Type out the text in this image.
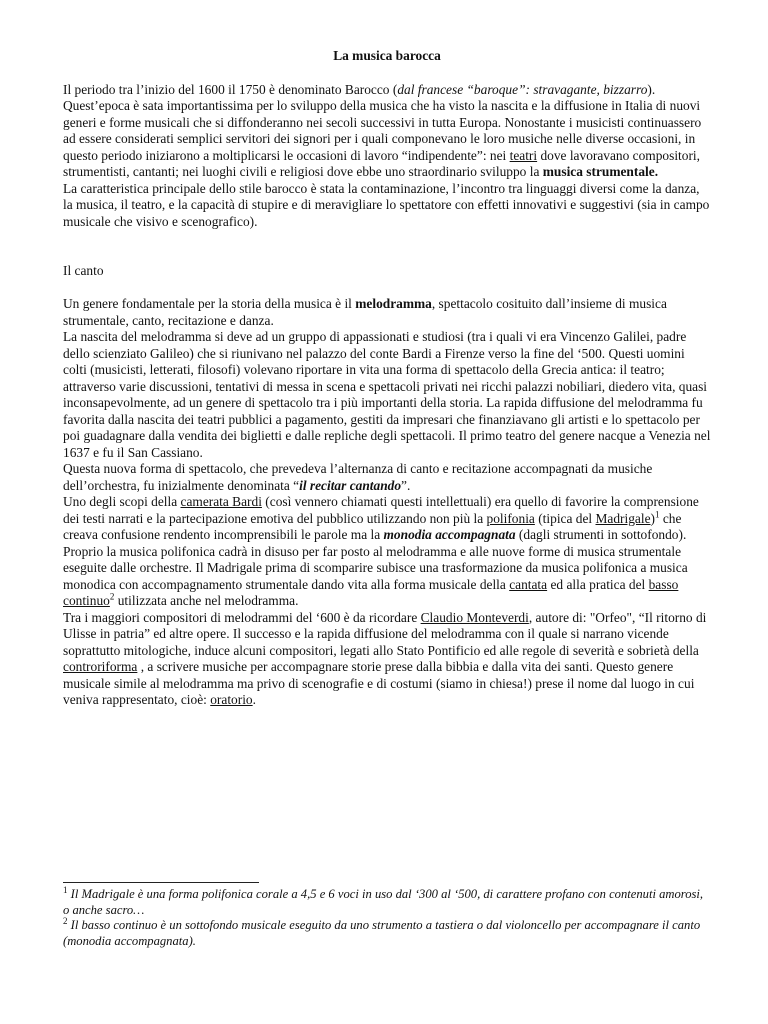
La musica barocca

Il periodo tra l’inizio del 1600 il 1750 è denominato Barocco (dal francese “baroque”: stravagante, bizzarro). Quest’epoca è sata importantissima per lo sviluppo della musica che ha visto la nascita e la diffusione in Italia di nuovi generi e forme musicali che si diffonderanno nei secoli successivi in tutta Europa. Nonostante i musicisti continuassero ad essere considerati semplici servitori dei signori per i quali componevano le loro musiche nelle diverse occasioni, in questo periodo iniziarono a moltiplicarsi le occasioni di lavoro “indipendente”: nei teatri dove lavoravano compositori, strumentisti, cantanti; nei luoghi civili e religiosi dove ebbe uno straordinario sviluppo la musica strumentale.

La caratteristica principale dello stile barocco è stata la contaminazione, l’incontro tra linguaggi diversi come la danza, la musica, il teatro, e la capacità di stupire e di meravigliare lo spettatore con effetti innovativi e suggestivi (sia in campo musicale che visivo e scenografico).

Il canto

Un genere fondamentale per la storia della musica è il melodramma, spettacolo cosituito dall’insieme di musica strumentale, canto, recitazione e danza.

La nascita del melodramma si deve ad un gruppo di appassionati e studiosi (tra i quali vi era Vincenzo Galilei, padre dello scienziato Galileo) che si riunivano nel palazzo del conte Bardi a Firenze verso la fine del ‘500. Questi uomini colti (musicisti, letterati, filosofi) volevano riportare in vita una forma di spettacolo della Grecia antica: il teatro; attraverso varie discussioni, tentativi di messa in scena e spettacoli privati nei ricchi palazzi nobiliari, diedero vita, quasi inconsapevolmente, ad un genere di spettacolo tra i più importanti della storia. La rapida diffusione del melodramma fu favorita dalla nascita dei teatri pubblici a pagamento, gestiti da impresari che finanziavano gli artisti e lo spettacolo per poi guadagnare dalla vendita dei biglietti e dalle repliche degli spettacoli. Il primo teatro del genere nacque a Venezia nel 1637 e fu il San Cassiano.

Questa nuova forma di spettacolo, che prevedeva l’alternanza di canto e recitazione accompagnati da musiche dell’orchestra, fu inizialmente denominata “il recitar cantando”.

Uno degli scopi della camerata Bardi (così vennero chiamati questi intellettuali) era quello di favorire la comprensione dei testi narrati e la partecipazione emotiva del pubblico utilizzando non più la polifonia (tipica del Madrigale)$^1$ che creava confusione rendento incomprensibili le parole ma la monodia accompagnata (dagli strumenti in sottofondo). Proprio la musica polifonica cadrà in disuso per far posto al melodramma e alle nuove forme di musica strumentale eseguite dalle orchestre. Il Madrigale prima di scomparire subisce una trasformazione da musica polifonica a musica monodica con accompagnamento strumentale dando vita alla forma musicale della cantata ed alla pratica del basso continuo$^2$ utilizzata anche nel melodramma.

Tra i maggiori compositori di melodrammi del ‘600 è da ricordare Claudio Monteverdi, autore di: "Orfeo", “Il ritorno di Ulisse in patria” ed altre opere. Il successo e la rapida diffusione del melodramma con il quale si narrano vicende soprattutto mitologiche, induce alcuni compositori, legati allo Stato Pontificio ed alle regole di severità e sobrietà della controriforma , a scrivere musiche per accompagnare storie prese dalla bibbia e dalla vita dei santi. Questo genere musicale simile al melodramma ma privo di scenografie e di costumi (siamo in chiesa!) prese il nome dal luogo in cui veniva rappresentato, cioè: oratorio.

$^1$ Il Madrigale è una forma polifonica corale a 4,5 e 6 voci in uso dal ‘300 al ‘500, di carattere profano con contenuti amorosi, o anche sacro…
$^2$ Il basso continuo è un sottofondo musicale eseguito da uno strumento a tastiera o dal violoncello per accompagnare il canto (monodia accompagnata).
